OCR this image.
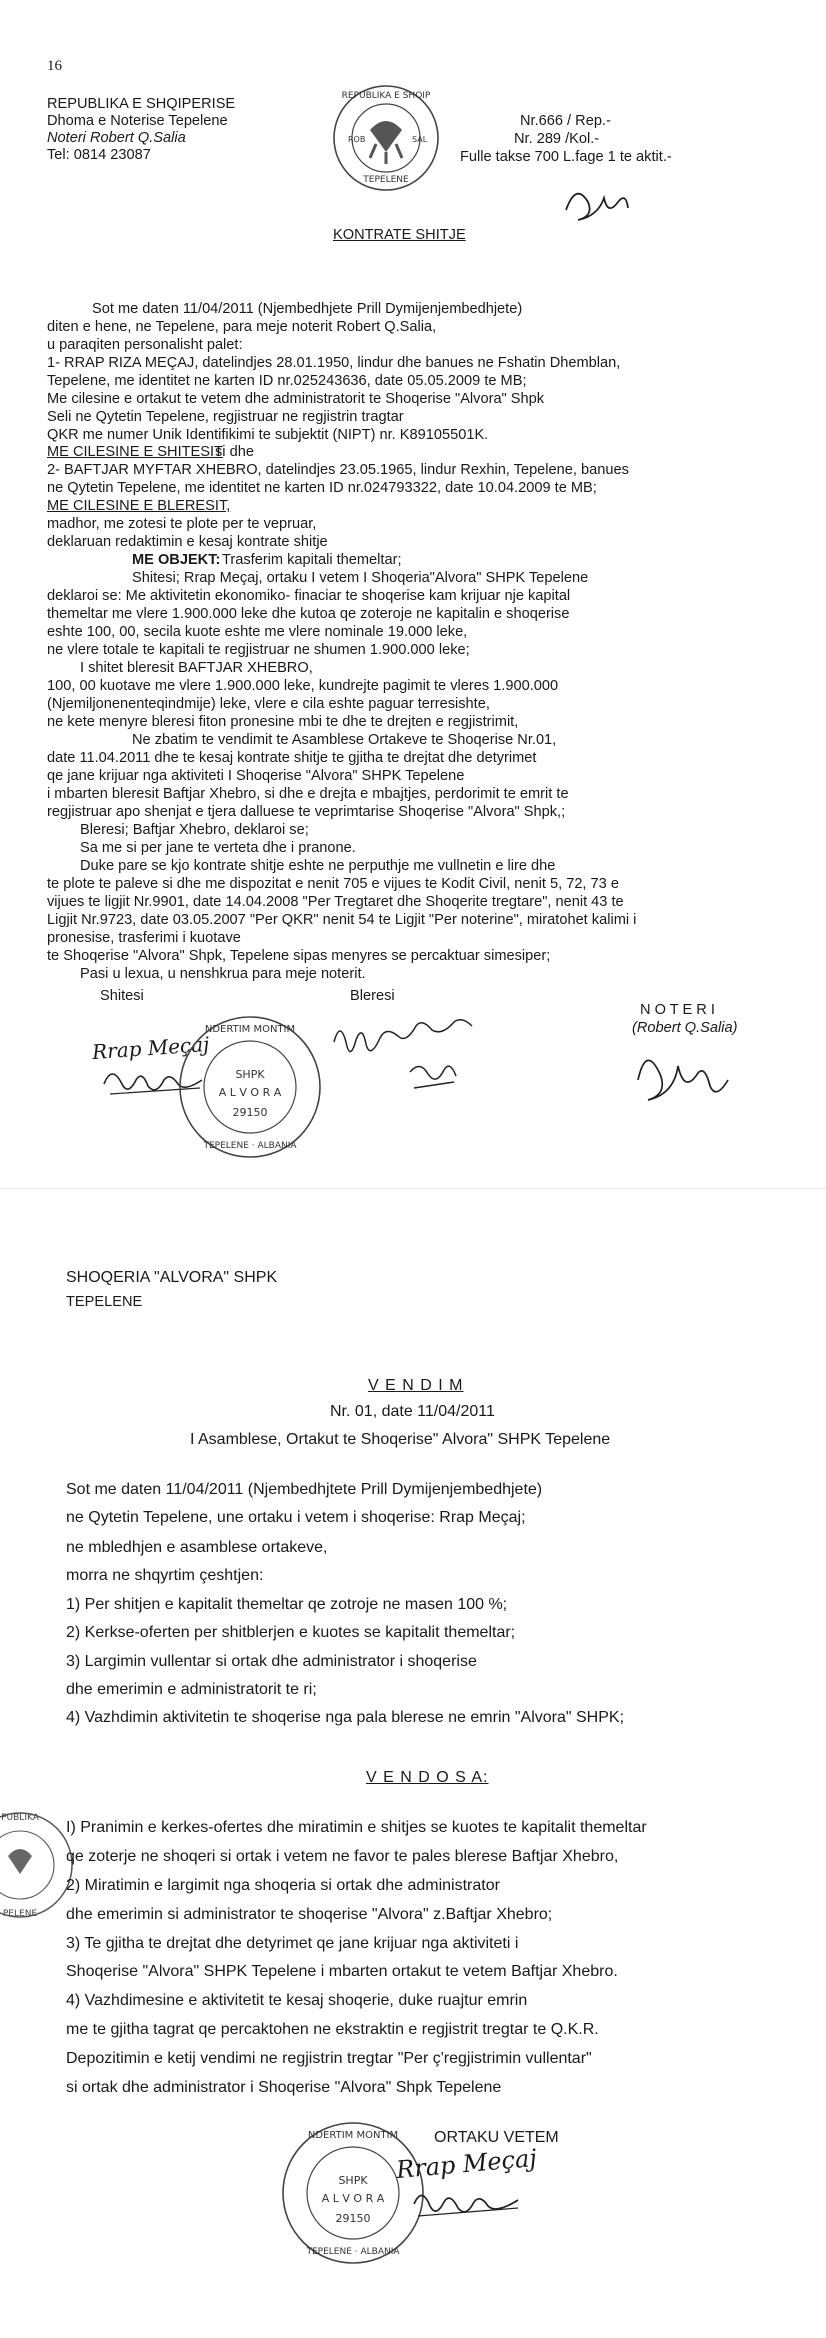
16
REPUBLIKA E SHQIPERISE
Dhoma e Noterise Tepelene
Noteri Robert Q.Salia
Tel: 0814 23087
REPUBLIKA E SHQIP
TEPELENE
ROB	SAL
Nr.666 / Rep.-
Nr. 289 /Kol.-
Fulle takse 700 L.fage 1 te aktit.-
KONTRATE SHITJE
Sot me daten 11/04/2011 (Njembedhjete Prill Dymijenjembedhjete)
diten e hene, ne Tepelene, para meje noterit Robert Q.Salia,
u paraqiten personalisht palet:
1- RRAP RIZA MEÇAJ, datelindjes 28.01.1950, lindur dhe banues ne Fshatin Dhemblan,
Tepelene, me identitet ne karten ID nr.025243636, date 05.05.2009 te MB;
Me cilesine e ortakut te vetem dhe administratorit te Shoqerise "Alvora" Shpk
Seli ne Qytetin Tepelene, regjistruar ne regjistrin tragtar
QKR me numer Unik Identifikimi te subjektit (NIPT) nr. K89105501K.
ME CILESINE E SHITESIT
si dhe
2- BAFTJAR MYFTAR XHEBRO, datelindjes 23.05.1965, lindur Rexhin, Tepelene, banues
ne Qytetin Tepelene, me identitet ne karten ID nr.024793322, date 10.04.2009 te MB;
ME CILESINE E BLERESIT,
madhor, me zotesi te plote per te vepruar,
deklaruan redaktimin e kesaj kontrate shitje
ME OBJEKT: Trasferim kapitali themeltar;
Shitesi; Rrap Meçaj, ortaku I vetem I Shoqeria"Alvora" SHPK Tepelene
deklaroi se: Me aktivitetin ekonomiko- finaciar te shoqerise kam krijuar nje kapital
themeltar me vlere 1.900.000 leke dhe kutoa qe zoteroje ne kapitalin e shoqerise
eshte 100, 00, secila kuote eshte me vlere nominale 19.000 leke,
ne vlere totale te kapitali te regjistruar ne shumen 1.900.000 leke;
I shitet bleresit BAFTJAR XHEBRO,
100, 00 kuotave me vlere 1.900.000 leke, kundrejte pagimit te vleres 1.900.000
(Njemiljonenenteqindmije) leke, vlere e cila eshte paguar terresishte,
ne kete menyre bleresi fiton pronesine mbi te dhe te drejten e regjistrimit,
Ne zbatim te vendimit te Asamblese Ortakeve te Shoqerise Nr.01,
date 11.04.2011 dhe te kesaj kontrate shitje te gjitha te drejtat dhe detyrimet
qe jane krijuar nga aktiviteti I Shoqerise "Alvora" SHPK Tepelene
i mbarten bleresit Baftjar Xhebro, si dhe e drejta e mbajtjes, perdorimit te emrit te
regjistruar apo shenjat e tjera dalluese te veprimtarise Shoqerise "Alvora" Shpk,;
Bleresi; Baftjar Xhebro, deklaroi se;
Sa me si per jane te verteta dhe i pranone.
Duke pare se kjo kontrate shitje eshte ne perputhje me vullnetin e lire dhe
te plote te paleve si dhe me dispozitat e nenit 705 e vijues te Kodit Civil, nenit 5, 72, 73 e
vijues te ligjit Nr.9901, date 14.04.2008 "Per Tregtaret dhe Shoqerite tregtare", nenit 43 te
Ligjit Nr.9723, date 03.05.2007 "Per QKR" nenit 54 te Ligjit "Per noterine", miratohet kalimi i
pronesise, trasferimi i kuotave
te Shoqerise "Alvora" Shpk, Tepelene sipas menyres se percaktuar simesiper;
Pasi u lexua, u nenshkrua para meje noterit.
Shitesi	Bleresi
N O T E R I
(Robert Q.Salia)
Rrap Meçaj
NDERTIM MONTIM
SHPK
A L V O R A
29150
TEPELENE · ALBANIA
SHOQERIA "ALVORA" SHPK
TEPELENE
V E N D I M
Nr. 01, date 11/04/2011
I Asamblese, Ortakut te Shoqerise" Alvora" SHPK Tepelene
Sot me daten 11/04/2011 (Njembedhjtete Prill Dymijenjembedhjete)
ne Qytetin Tepelene, une ortaku i vetem i shoqerise: Rrap Meçaj;
ne mbledhjen e asamblese ortakeve,
morra ne shqyrtim çeshtjen:
1) Per shitjen e kapitalit themeltar qe zotroje ne masen 100 %;
2) Kerkse-oferten per shitblerjen e kuotes se kapitalit themeltar;
3) Largimin vullentar si ortak dhe administrator i shoqerise
dhe emerimin e administratorit te ri;
4) Vazhdimin aktivitetin te shoqerise nga pala bleresе ne emrin "Alvora" SHPK;
V E N D O S A:
PUBLIKA
PELENE
I) Pranimin e kerkes-ofertes dhe miratimin e shitjes se kuotes te kapitalit themeltar
qe zoterje ne shoqeri si ortak i vetem ne favor te pales bleresе Baftjar Xhebro,
2) Miratimin e largimit nga shoqeria si ortak dhe administrator
dhe emerimin si administrator te shoqerise "Alvora" z.Baftjar Xhebro;
3) Te gjitha te drejtat dhe detyrimet qe jane krijuar nga aktiviteti i
Shoqerise "Alvora" SHPK Tepelene i mbarten ortakut te vetem Baftjar Xhebro.
4) Vazhdimesine e aktivitetit te kesaj shoqerie, duke ruajtur emrin
me te gjitha tagrat qe percaktohen ne ekstraktin e regjistrit tregtar te Q.K.R.
Depozitimin e ketij vendimi ne regjistrin tregtar "Per ç'regjistrimin vullentar"
si ortak dhe administrator i Shoqerise "Alvora" Shpk Tepelene
NDERTIM MONTIM
SHPK
A L V O R A
29150
TEPELENE · ALBANIA
ORTAKU VETEM
Rrap Meçaj
